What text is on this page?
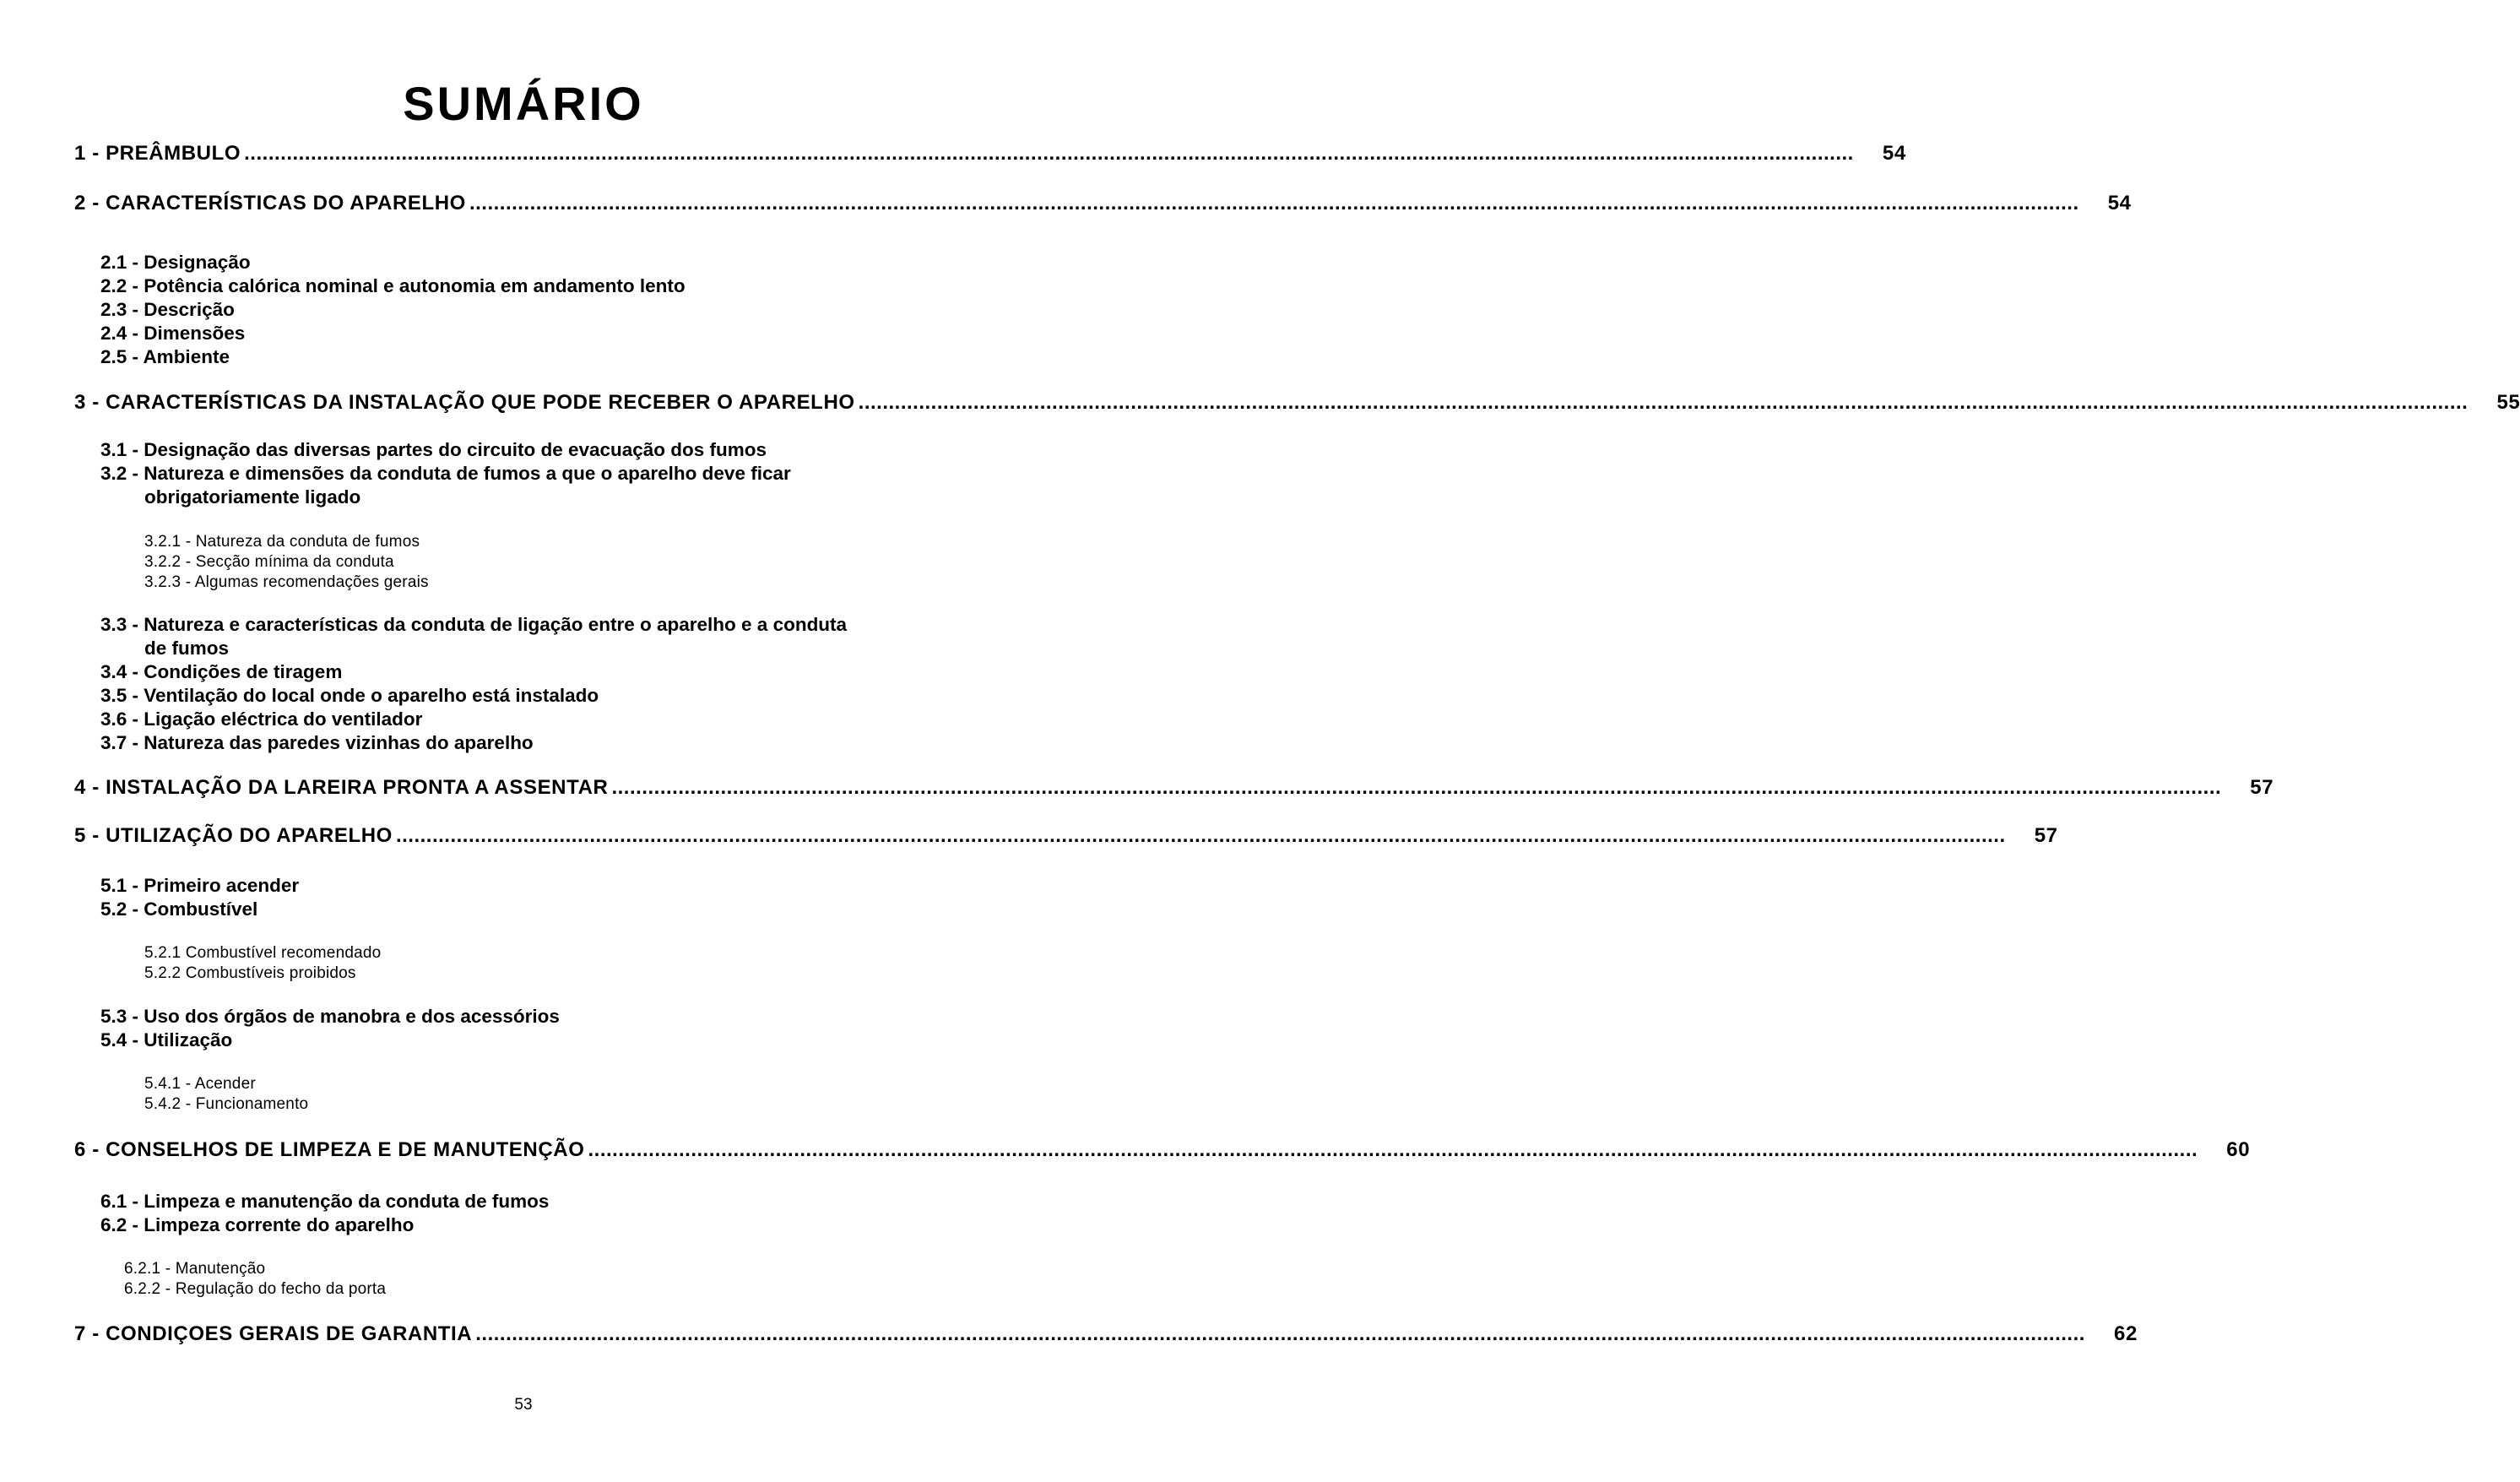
SUMÁRIO
1 - PREÂMBULO ..........................................................................................................................................................................................................................................................................	54
2 - CARACTERÍSTICAS DO APARELHO ..........................................................................................................................................................................................................................................................................	54
2.1 - Designação
2.2 - Potência calórica nominal e autonomia em andamento lento
2.3 - Descrição
2.4 - Dimensões
2.5 - Ambiente
3 - CARACTERÍSTICAS DA INSTALAÇÃO QUE PODE RECEBER O APARELHO ..........................................................................................................................................................................................................................................................................	55
3.1 - Designação das diversas partes do circuito de evacuação dos fumos
3.2 - Natureza e dimensões da conduta de fumos a que o aparelho deve ficar
obrigatoriamente ligado
3.2.1 - Natureza da conduta de fumos
3.2.2 - Secção mínima da conduta
3.2.3 - Algumas recomendações gerais
3.3 - Natureza e características da conduta de ligação entre o aparelho e a conduta
de fumos
3.4 - Condições de tiragem
3.5 - Ventilação do local onde o aparelho está instalado
3.6 - Ligação eléctrica do ventilador
3.7 - Natureza das paredes vizinhas do aparelho
4 - INSTALAÇÃO DA LAREIRA PRONTA A ASSENTAR ..........................................................................................................................................................................................................................................................................	57
5 - UTILIZAÇÃO DO APARELHO ..........................................................................................................................................................................................................................................................................	57
5.1 - Primeiro acender
5.2 - Combustível
5.2.1 Combustível recomendado
5.2.2 Combustíveis proibidos
5.3 - Uso dos órgãos de manobra e dos acessórios
5.4 - Utilização
5.4.1 - Acender
5.4.2 - Funcionamento
6 - CONSELHOS DE LIMPEZA E DE MANUTENÇÃO ..........................................................................................................................................................................................................................................................................	60
6.1 - Limpeza e manutenção da conduta de fumos
6.2 - Limpeza corrente do aparelho
6.2.1 - Manutenção
6.2.2 - Regulação do fecho da porta
7 - CONDIÇOES GERAIS DE GARANTIA ..........................................................................................................................................................................................................................................................................	62
53
